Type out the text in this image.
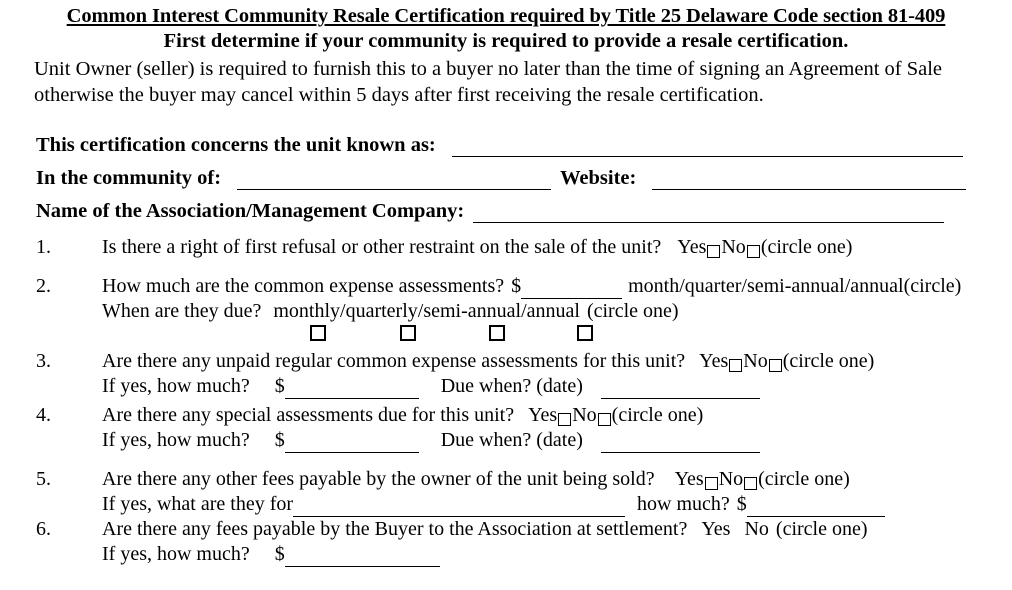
Common Interest Community Resale Certification required by Title 25 Delaware Code section 81-409
First determine if your community is required to provide a resale certification.
Unit Owner (seller) is required to furnish this to a buyer no later than the time of signing an Agreement of Sale
otherwise the buyer may cancel within 5 days after first receiving the resale certification.
This certification concerns the unit known as:
In the community of:	Website:
Name of the Association/Management Company:
1.	Is there a right of first refusal or other restraint on the sale of the unit?
Yes No (circle one)
2.	How much are the common expense assessments?
$
	month/quarter/semi-annual/annual(circle)
When are they due?
monthly/quarterly/semi-annual/annual
(circle one)
3.	Are there any unpaid regular common expense assessments for this unit?
Yes No (circle one)
If yes, how much?
$
	Due when? (date)

4.	Are there any special assessments due for this unit?
Yes No (circle one)
If yes, how much?
$
	Due when? (date)

5.	Are there any other fees payable by the owner of the unit being sold?
Yes No (circle one)
If yes, what are they for
	how much?
$
6.	Are there any fees payable by the Buyer to the Association at settlement?
Yes
No
(circle one)
If yes, how much?
$
